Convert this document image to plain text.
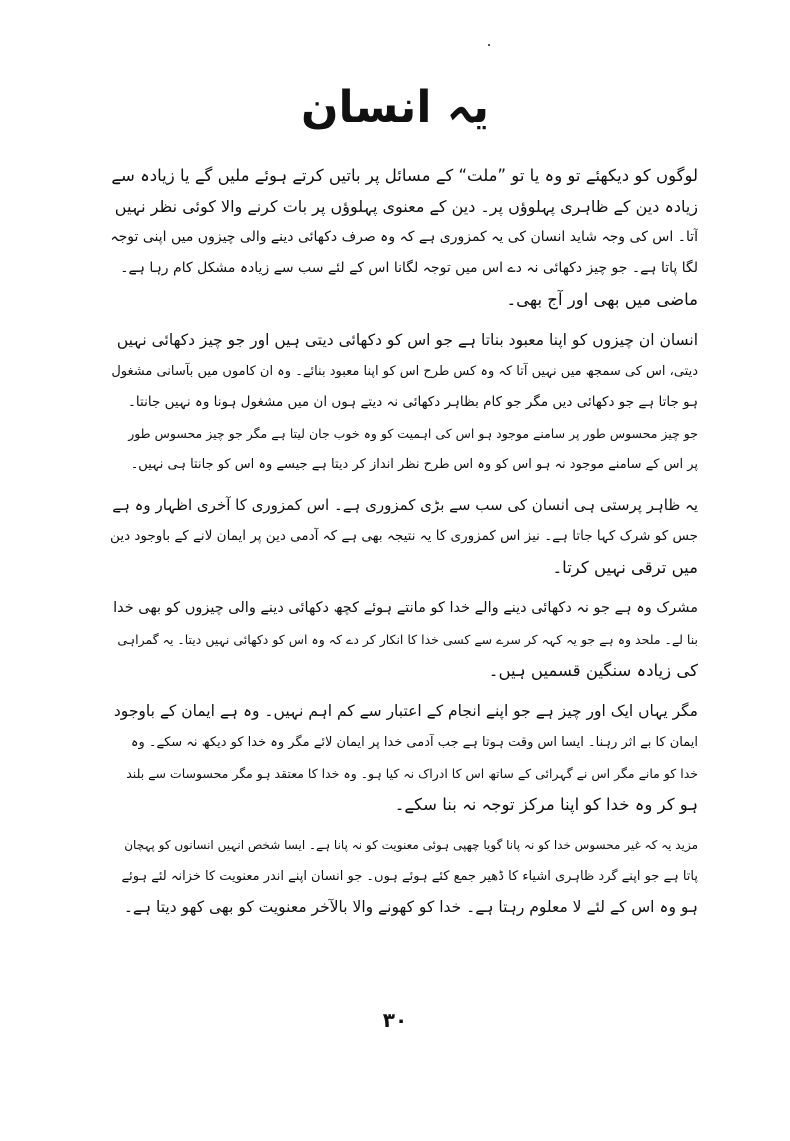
یہ انسان

لوگوں کو دیکھئے تو وہ یا تو ”ملت“ کے مسائل پر باتیں کرتے ہوئے ملیں گے یا زیادہ سے
زیادہ دین کے ظاہری پہلوؤں پر۔ دین کے معنوی پہلوؤں پر بات کرنے والا کوئی نظر نہیں
آتا۔ اس کی وجہ شاید انسان کی یہ کمزوری ہے کہ وہ صرف دکھائی دینے والی چیزوں میں اپنی توجہ
لگا پاتا ہے۔ جو چیز دکھائی نہ دے اس میں توجہ لگانا اس کے لئے سب سے زیادہ مشکل کام رہا ہے۔
ماضی میں بھی اور آج بھی۔

انسان ان چیزوں کو اپنا معبود بناتا ہے جو اس کو دکھائی دیتی ہیں اور جو چیز دکھائی نہیں
دیتی، اس کی سمجھ میں نہیں آتا کہ وہ کس طرح اس کو اپنا معبود بنائے۔ وہ ان کاموں میں بآسانی مشغول
ہو جاتا ہے جو دکھائی دیں مگر جو کام بظاہر دکھائی نہ دیتے ہوں ان میں مشغول ہونا وہ نہیں جانتا۔
جو چیز محسوس طور پر سامنے موجود ہو اس کی اہمیت کو وہ خوب جان لیتا ہے مگر جو چیز محسوس طور
پر اس کے سامنے موجود نہ ہو اس کو وہ اس طرح نظر انداز کر دیتا ہے جیسے وہ اس کو جانتا ہی نہیں۔

یہ ظاہر پرستی ہی انسان کی سب سے بڑی کمزوری ہے۔ اس کمزوری کا آخری اظہار وہ ہے
جس کو شرک کہا جاتا ہے۔ نیز اس کمزوری کا یہ نتیجہ بھی ہے کہ آدمی دین پر ایمان لانے کے باوجود دین
میں ترقی نہیں کرتا۔

مشرک وہ ہے جو نہ دکھائی دینے والے خدا کو مانتے ہوئے کچھ دکھائی دینے والی چیزوں کو بھی خدا
بنا لے۔ ملحد وہ ہے جو یہ کہہ کر سرے سے کسی خدا کا انکار کر دے کہ وہ اس کو دکھائی نہیں دیتا۔ یہ گمراہی
کی زیادہ سنگین قسمیں ہیں۔

مگر یہاں ایک اور چیز ہے جو اپنے انجام کے اعتبار سے کم اہم نہیں۔ وہ ہے ایمان کے باوجود
ایمان کا بے اثر رہنا۔ ایسا اس وقت ہوتا ہے جب آدمی خدا پر ایمان لائے مگر وہ خدا کو دیکھ نہ سکے۔ وہ
خدا کو مانے مگر اس نے گہرائی کے ساتھ اس کا ادراک نہ کیا ہو۔ وہ خدا کا معتقد ہو مگر محسوسات سے بلند
ہو کر وہ خدا کو اپنا مرکز توجہ نہ بنا سکے۔

مزید یہ کہ غیر محسوس خدا کو نہ پانا گویا چھپی ہوئی معنویت کو نہ پانا ہے۔ ایسا شخص انہیں انسانوں کو پہچان
پاتا ہے جو اپنے گرد ظاہری اشیاء کا ڈھیر جمع کئے ہوئے ہوں۔ جو انسان اپنے اندر معنویت کا خزانہ لئے ہوئے
ہو وہ اس کے لئے لا معلوم رہتا ہے۔ خدا کو کھونے والا بالآخر معنویت کو بھی کھو دیتا ہے۔

۳۰
